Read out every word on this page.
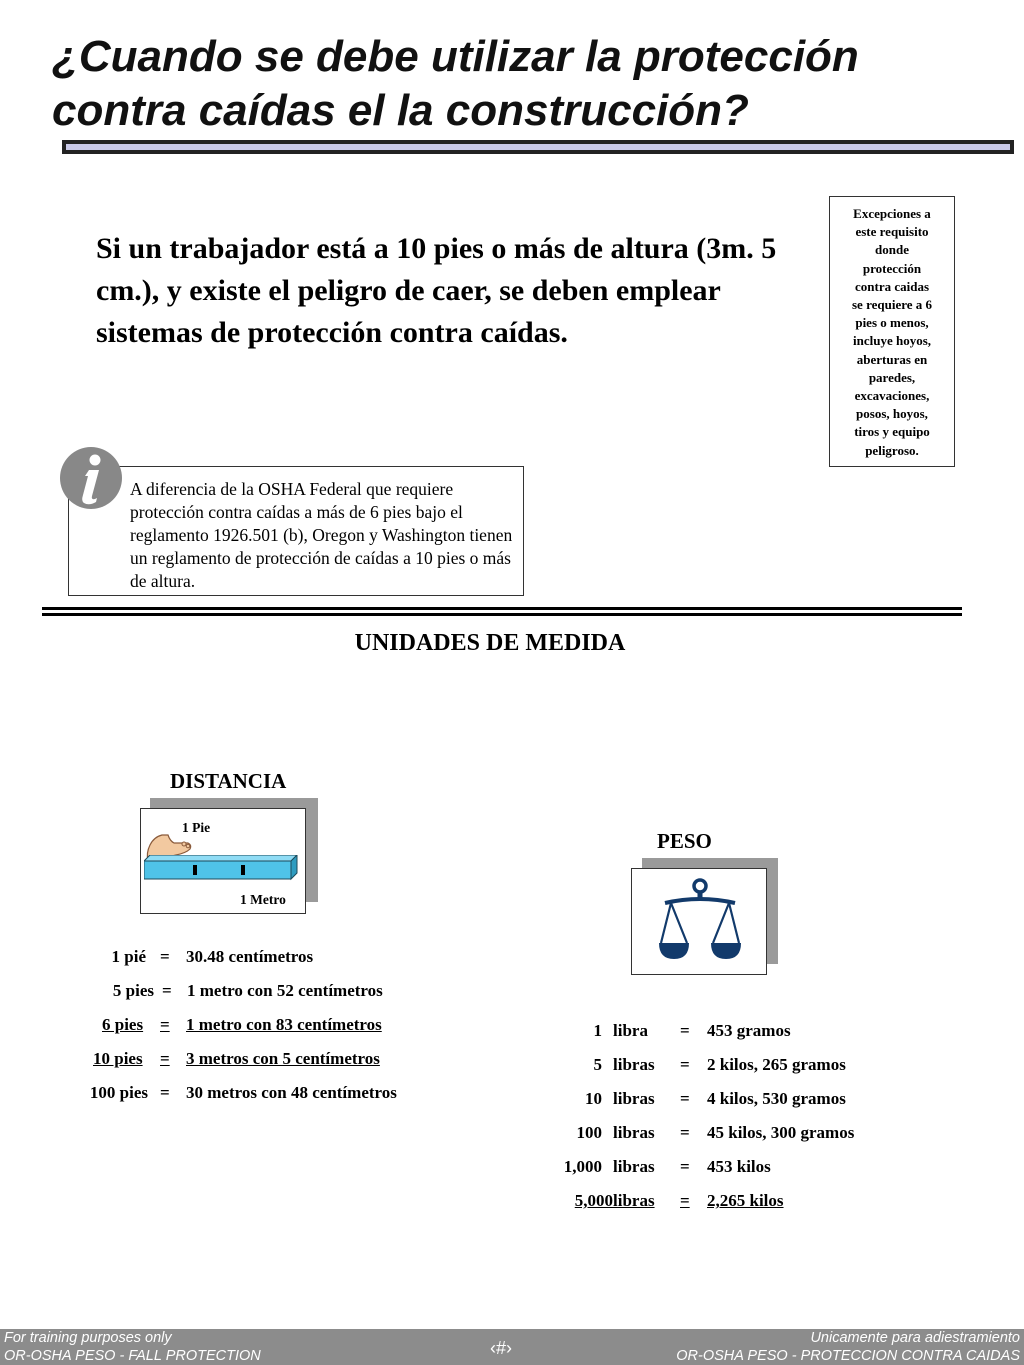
¿Cuando se debe utilizar la protección
contra caídas el la construcción?
Si un trabajador está a 10 pies o más de altura (3m. 5 cm.), y existe el peligro de caer, se deben emplear sistemas de protección contra caídas.
Excepciones a
este requisito
donde
protección
contra caidas
se requiere a 6
pies o menos,
incluye hoyos,
aberturas en
paredes,
excavaciones,
posos, hoyos,
tiros y equipo
peligroso.
A diferencia de la OSHA Federal que requiere protección contra caídas a más de 6 pies bajo el reglamento 1926.501 (b), Oregon y Washington tienen un reglamento de protección de caídas a 10 pies o más de altura.
UNIDADES DE MEDIDA
DISTANCIA
1 Pie
1 Metro
1 pié = 30.48 centímetros
5 pies = 1 metro con 52 centímetros
6 pies = 1 metro con 83 centímetros
10 pies	= 3 metros con 5 centímetros
100 pies = 30 metros con 48 centímetros
PESO
1 libra = 453 gramos
5 libras = 2 kilos, 265 gramos
10 libras = 4 kilos, 530 gramos
100 libras = 45 kilos, 300 gramos
1,000 libras = 453 kilos
5,000 libras	= 2,265 kilos
For training purposes only
OR-OSHA PESO - FALL PROTECTION	‹#›	Unicamente para adiestramiento
OR-OSHA PESO - PROTECCION CONTRA CAIDAS
